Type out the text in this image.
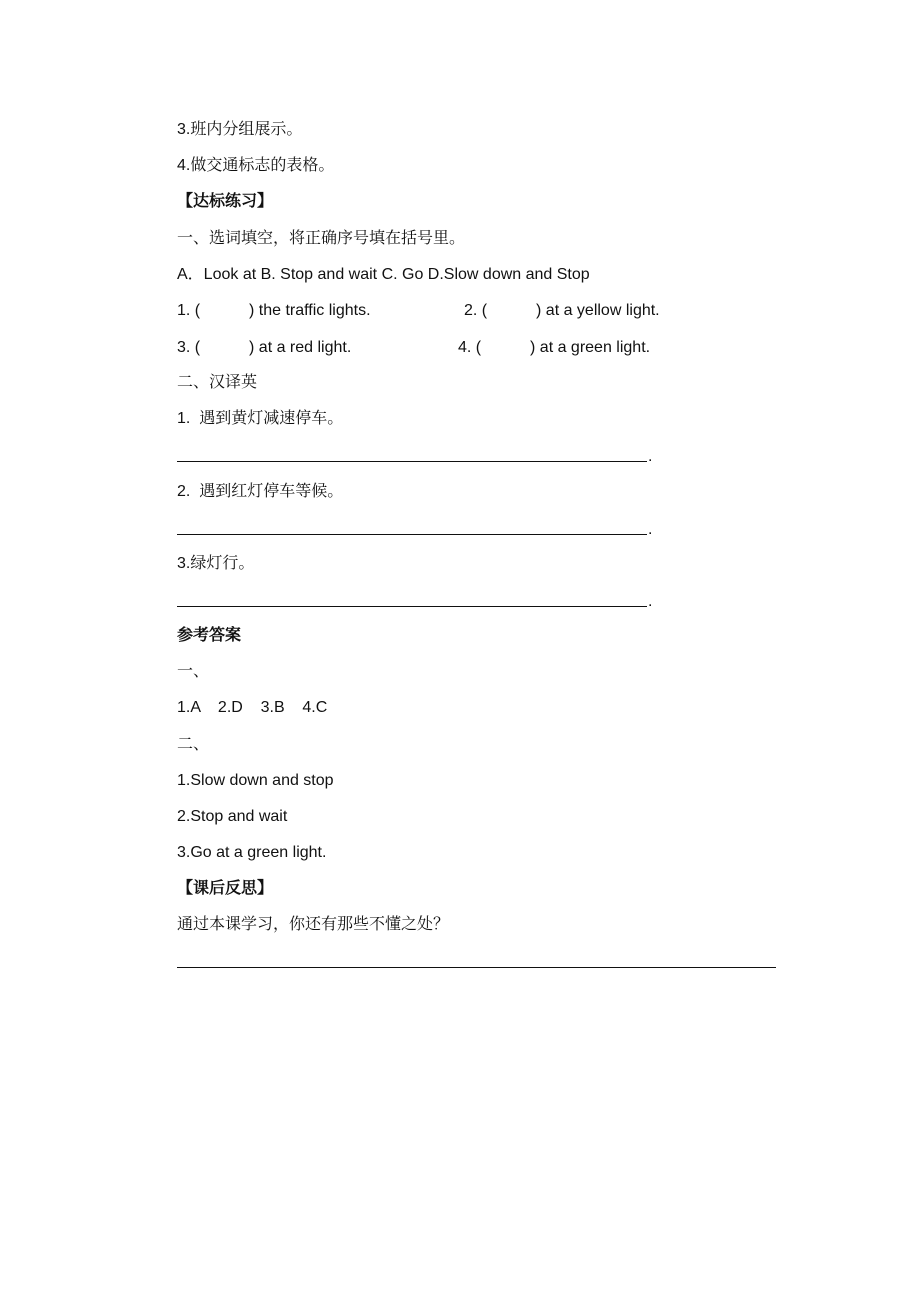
3.班内分组展示。
4.做交通标志的表格。
【达标练习】
一、选词填空，将正确序号填在括号里。
A．Look at B. Stop and wait C. Go D.Slow down and Stop
1. (           ) the traffic lights.	2. (           ) at a yellow light.
3. (           ) at a red light.	4. (           ) at a green light.
二、汉译英
1.  遇到黄灯减速停车。
.
2.  遇到红灯停车等候。
.
3.绿灯行。
.
参考答案
一、
1.A    2.D    3.B    4.C
二、
1.Slow down and stop
2.Stop and wait
3.Go at a green light.
【课后反思】
通过本课学习，你还有那些不懂之处？
